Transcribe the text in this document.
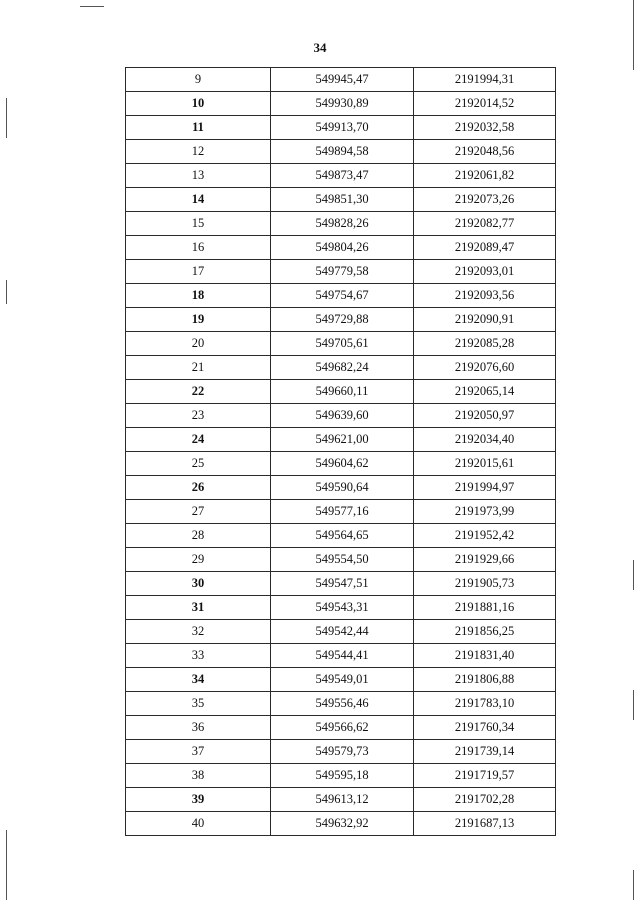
34
9	549945,47	2191994,31
10	549930,89	2192014,52
11	549913,70	2192032,58
12	549894,58	2192048,56
13	549873,47	2192061,82
14	549851,30	2192073,26
15	549828,26	2192082,77
16	549804,26	2192089,47
17	549779,58	2192093,01
18	549754,67	2192093,56
19	549729,88	2192090,91
20	549705,61	2192085,28
21	549682,24	2192076,60
22	549660,11	2192065,14
23	549639,60	2192050,97
24	549621,00	2192034,40
25	549604,62	2192015,61
26	549590,64	2191994,97
27	549577,16	2191973,99
28	549564,65	2191952,42
29	549554,50	2191929,66
30	549547,51	2191905,73
31	549543,31	2191881,16
32	549542,44	2191856,25
33	549544,41	2191831,40
34	549549,01	2191806,88
35	549556,46	2191783,10
36	549566,62	2191760,34
37	549579,73	2191739,14
38	549595,18	2191719,57
39	549613,12	2191702,28
40	549632,92	2191687,13
